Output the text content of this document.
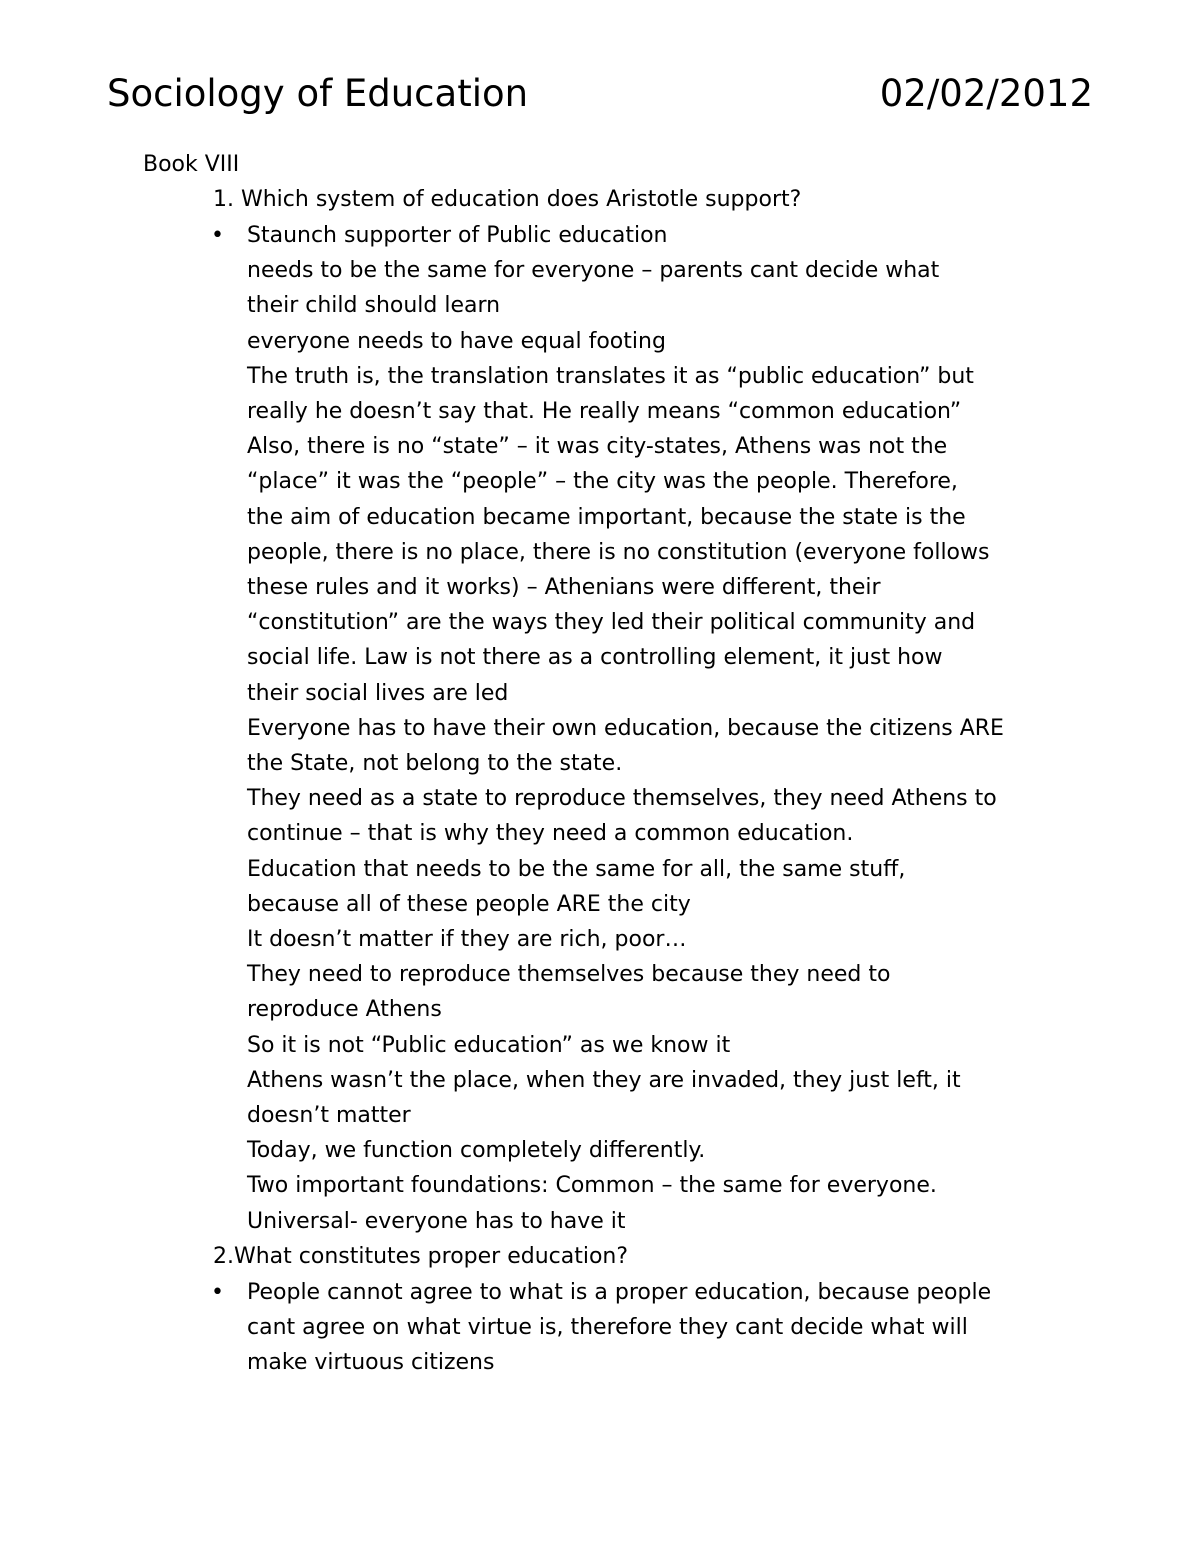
Sociology of Education	02/02/2012
Book VIII
1. Which system of education does Aristotle support?
• Staunch supporter of Public education
needs to be the same for everyone – parents cant decide what
their child should learn
everyone needs to have equal footing
The truth is, the translation translates it as “public education” but
really he doesn’t say that. He really means “common education”
Also, there is no “state” – it was city-states, Athens was not the
“place” it was the “people” – the city was the people. Therefore,
the aim of education became important, because the state is the
people, there is no place, there is no constitution (everyone follows
these rules and it works) – Athenians were different, their
“constitution” are the ways they led their political community and
social life. Law is not there as a controlling element, it just how
their social lives are led
Everyone has to have their own education, because the citizens ARE
the State, not belong to the state.
They need as a state to reproduce themselves, they need Athens to
continue – that is why they need a common education.
Education that needs to be the same for all, the same stuff,
because all of these people ARE the city
It doesn’t matter if they are rich, poor…
They need to reproduce themselves because they need to
reproduce Athens
So it is not “Public education” as we know it
Athens wasn’t the place, when they are invaded, they just left, it
doesn’t matter
Today, we function completely differently.
Two important foundations: Common – the same for everyone.
Universal- everyone has to have it
2.What constitutes proper education?
• People cannot agree to what is a proper education, because people
cant agree on what virtue is, therefore they cant decide what will
make virtuous citizens
